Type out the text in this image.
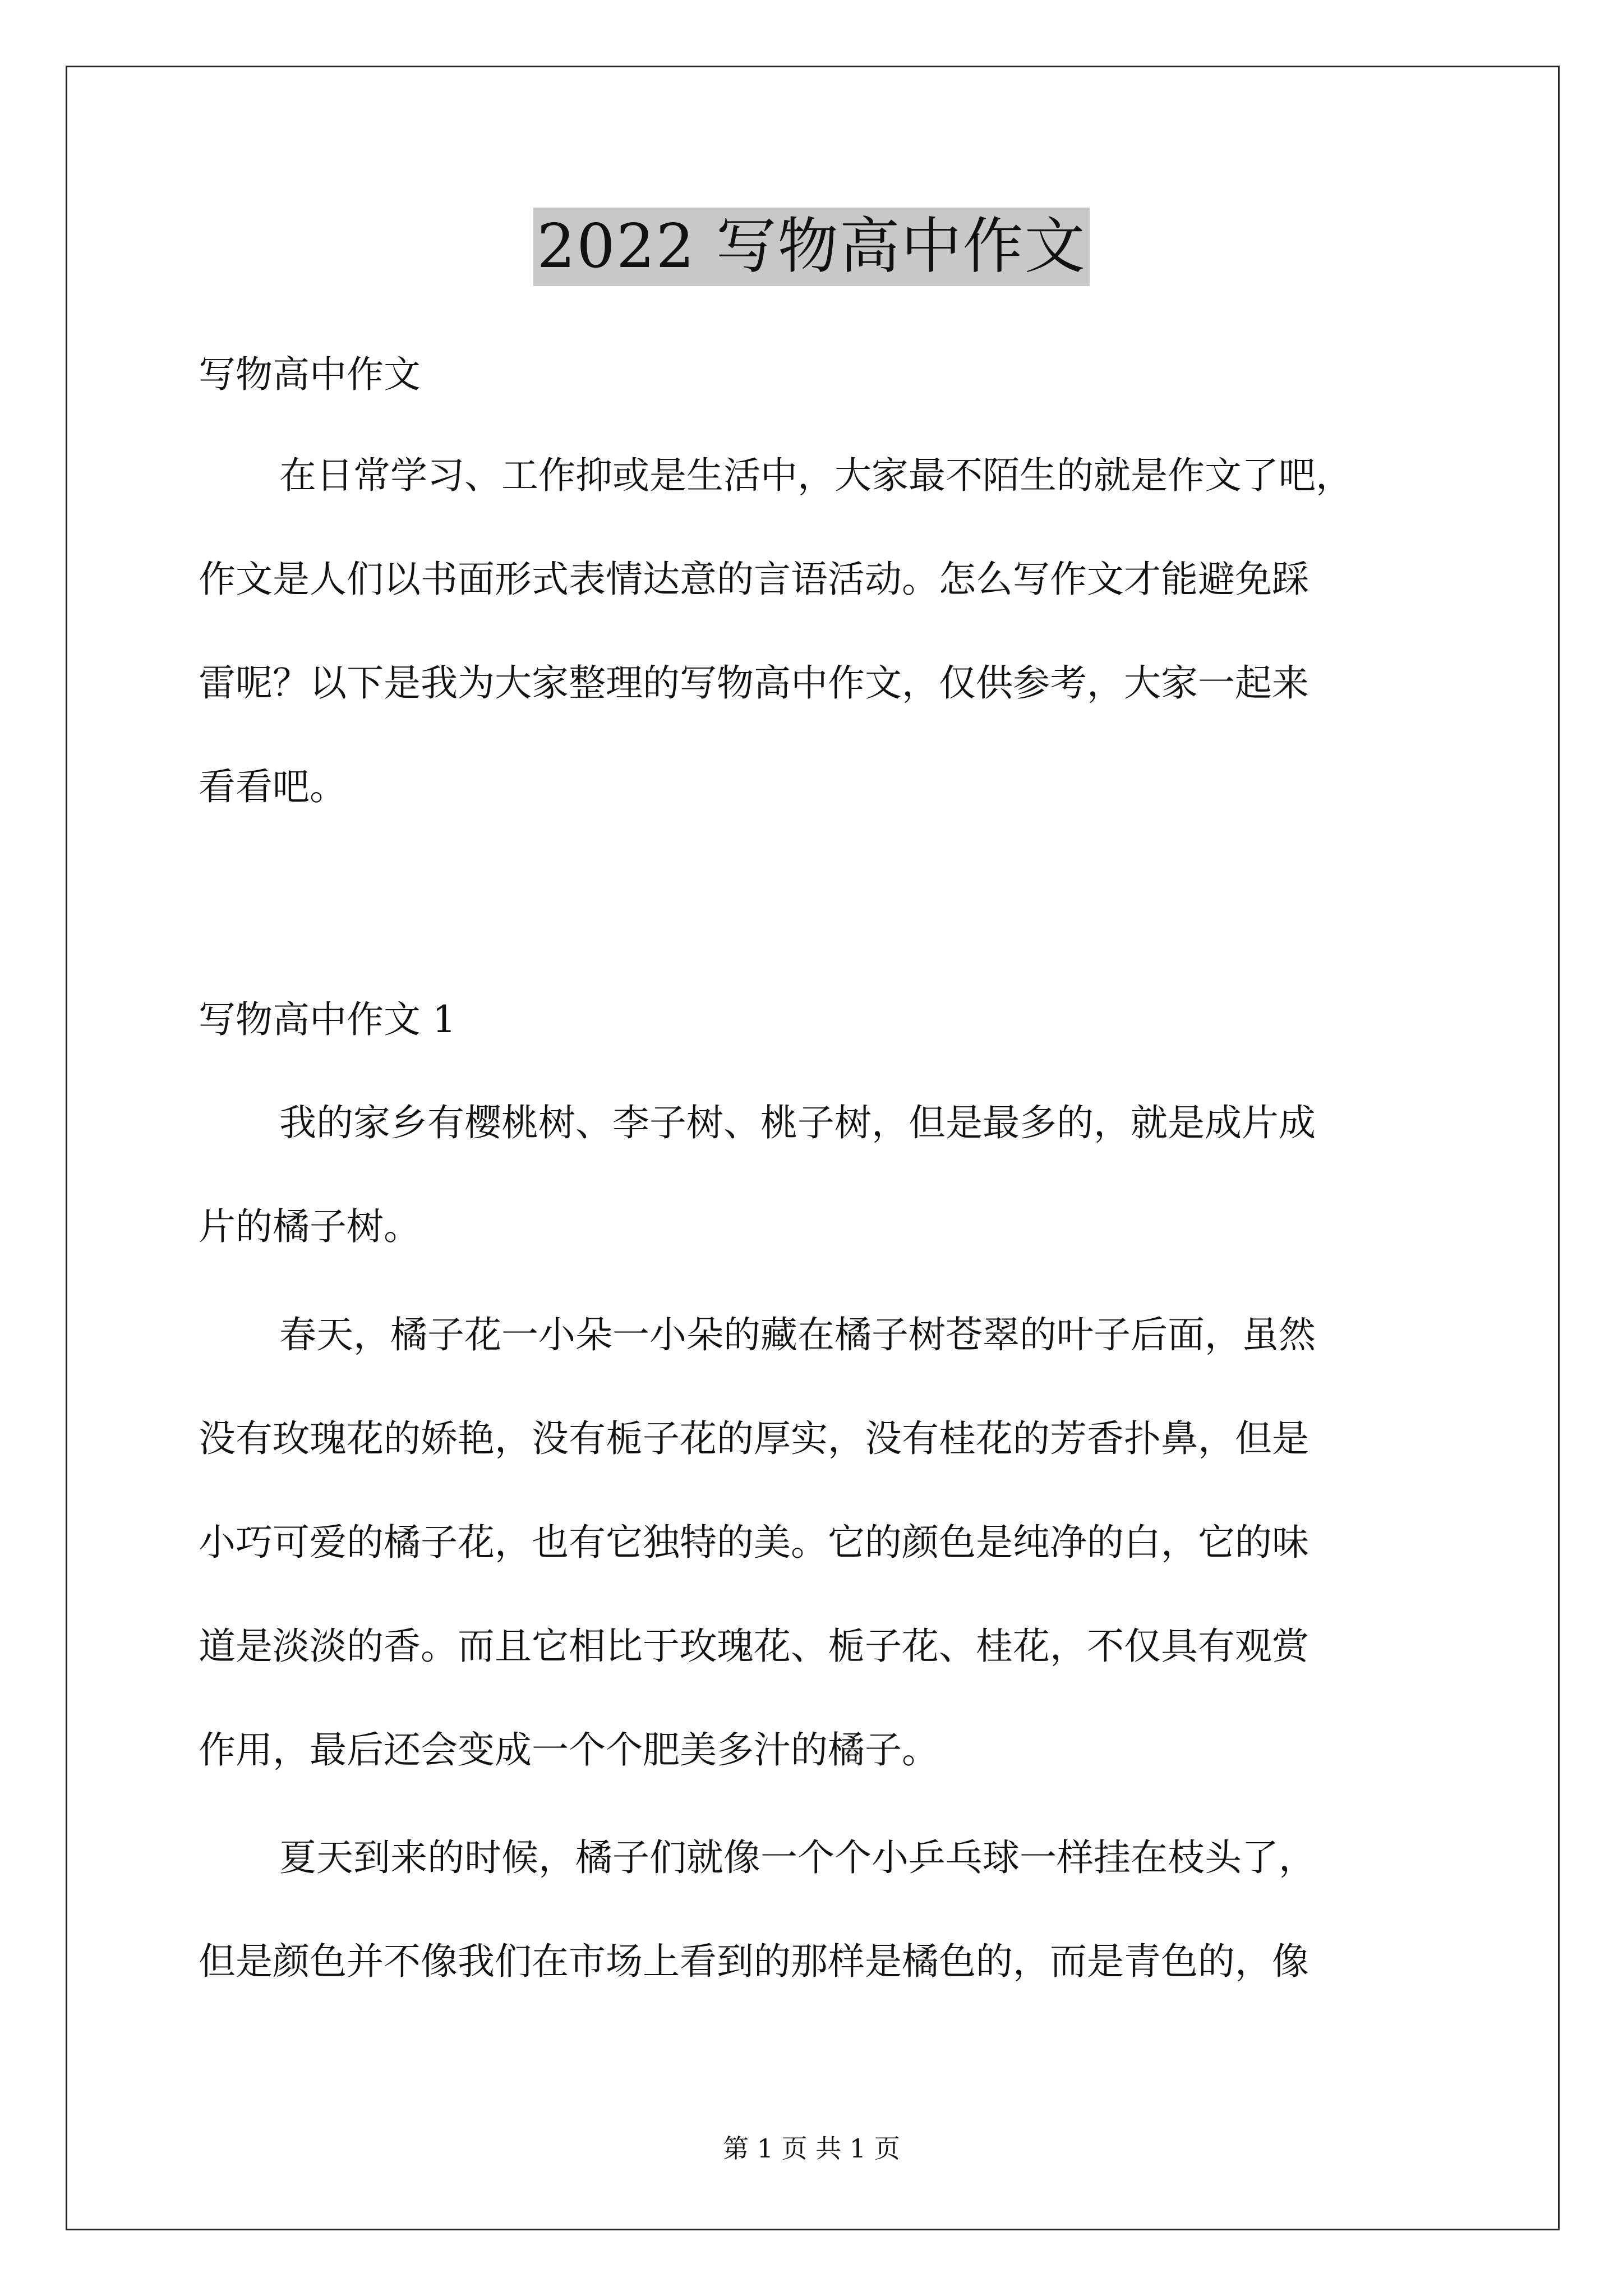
2022 写物高中作文
写物高中作文
在日常学习、工作抑或是生活中，大家最不陌生的就是作文了吧，
作文是人们以书面形式表情达意的言语活动。怎么写作文才能避免踩
雷呢？以下是我为大家整理的写物高中作文，仅供参考，大家一起来
看看吧。
写物高中作文 1
我的家乡有樱桃树、李子树、桃子树，但是最多的，就是成片成
片的橘子树。
春天，橘子花一小朵一小朵的藏在橘子树苍翠的叶子后面，虽然
没有玫瑰花的娇艳，没有栀子花的厚实，没有桂花的芳香扑鼻，但是
小巧可爱的橘子花，也有它独特的美。它的颜色是纯净的白，它的味
道是淡淡的香。而且它相比于玫瑰花、栀子花、桂花，不仅具有观赏
作用，最后还会变成一个个肥美多汁的橘子。
夏天到来的时候，橘子们就像一个个小乒乓球一样挂在枝头了，
但是颜色并不像我们在市场上看到的那样是橘色的，而是青色的，像
第 1 页 共 1 页
